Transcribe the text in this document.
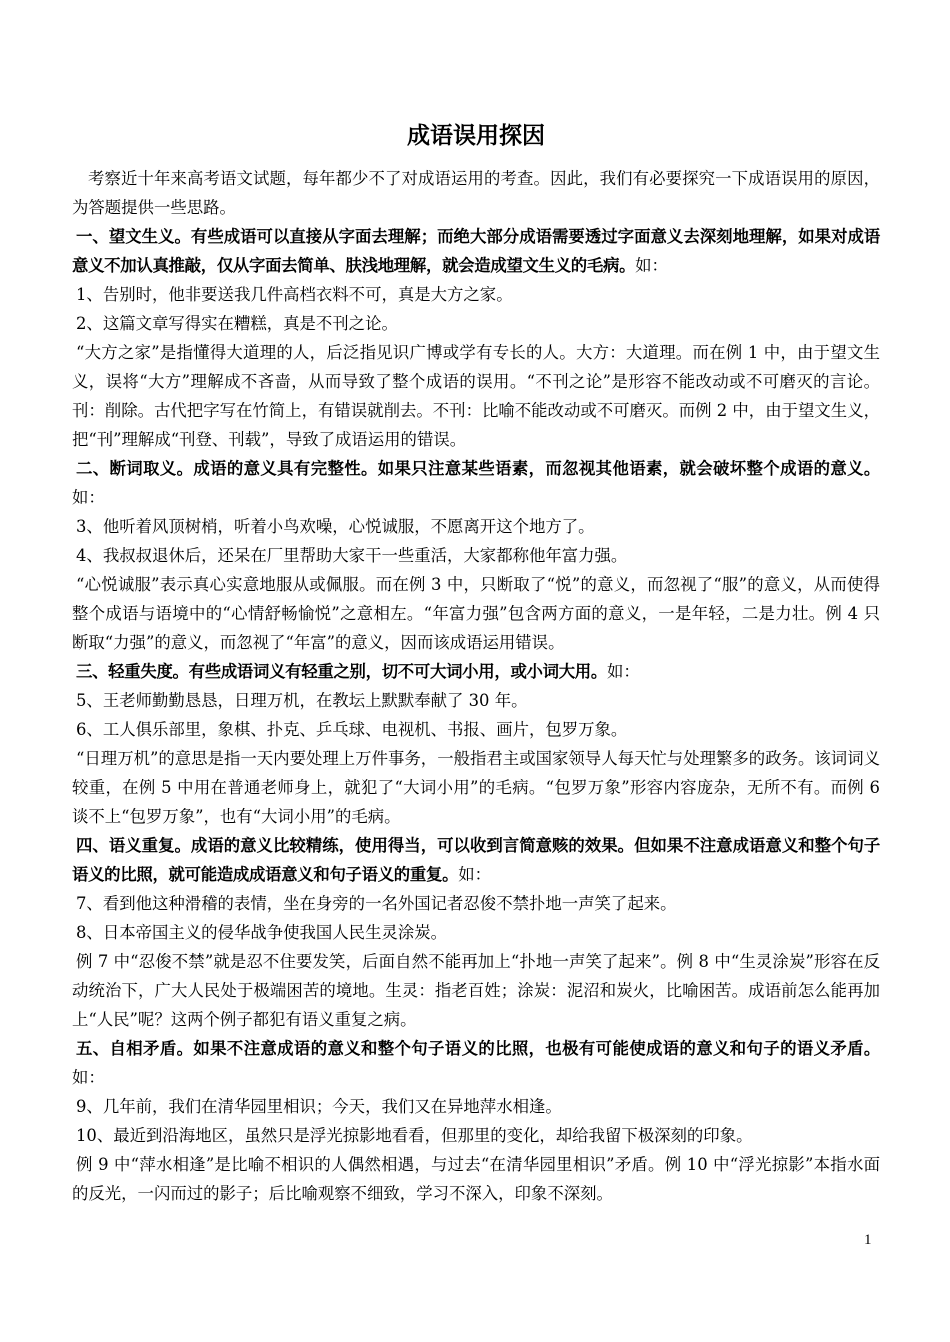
成语误用探因

考察近十年来高考语文试题，每年都少不了对成语运用的考查。因此，我们有必要探究一下成语误用的原因，为答题提供一些思路。

一、望文生义。有些成语可以直接从字面去理解；而绝大部分成语需要透过字面意义去深刻地理解，如果对成语意义不加认真推敲，仅从字面去简单、肤浅地理解，就会造成望文生义的毛病。如：

1、告别时，他非要送我几件高档衣料不可，真是大方之家。

2、这篇文章写得实在糟糕，真是不刊之论。

“大方之家”是指懂得大道理的人，后泛指见识广博或学有专长的人。大方：大道理。而在例 1 中，由于望文生义，误将“大方”理解成不吝啬，从而导致了整个成语的误用。“不刊之论”是形容不能改动或不可磨灭的言论。刊：削除。古代把字写在竹简上，有错误就削去。不刊：比喻不能改动或不可磨灭。而例 2 中，由于望文生义，把“刊”理解成“刊登、刊载”，导致了成语运用的错误。

二、断词取义。成语的意义具有完整性。如果只注意某些语素，而忽视其他语素，就会破坏整个成语的意义。如：

3、他听着风顶树梢，听着小鸟欢噪，心悦诚服，不愿离开这个地方了。

4、我叔叔退休后，还呆在厂里帮助大家干一些重活，大家都称他年富力强。

“心悦诚服”表示真心实意地服从或佩服。而在例 3 中，只断取了“悦”的意义，而忽视了“服”的意义，从而使得整个成语与语境中的“心情舒畅愉悦”之意相左。“年富力强”包含两方面的意义，一是年轻，二是力壮。例 4 只断取“力强”的意义，而忽视了“年富”的意义，因而该成语运用错误。

三、轻重失度。有些成语词义有轻重之别，切不可大词小用，或小词大用。如：

5、王老师勤勤恳恳，日理万机，在教坛上默默奉献了 30 年。

6、工人俱乐部里，象棋、扑克、乒乓球、电视机、书报、画片，包罗万象。

“日理万机”的意思是指一天内要处理上万件事务，一般指君主或国家领导人每天忙与处理繁多的政务。该词词义较重，在例 5 中用在普通老师身上，就犯了“大词小用”的毛病。“包罗万象”形容内容庞杂，无所不有。而例 6 谈不上“包罗万象”，也有“大词小用”的毛病。

四、语义重复。成语的意义比较精练，使用得当，可以收到言简意赅的效果。但如果不注意成语意义和整个句子语义的比照，就可能造成成语意义和句子语义的重复。如：

7、看到他这种滑稽的表情，坐在身旁的一名外国记者忍俊不禁扑地一声笑了起来。

8、日本帝国主义的侵华战争使我国人民生灵涂炭。

例 7 中“忍俊不禁”就是忍不住要发笑，后面自然不能再加上“扑地一声笑了起来”。例 8 中“生灵涂炭”形容在反动统治下，广大人民处于极端困苦的境地。生灵：指老百姓；涂炭：泥沼和炭火，比喻困苦。成语前怎么能再加上“人民”呢？这两个例子都犯有语义重复之病。

五、自相矛盾。如果不注意成语的意义和整个句子语义的比照，也极有可能使成语的意义和句子的语义矛盾。如：

9、几年前，我们在清华园里相识；今天，我们又在异地萍水相逢。

10、最近到沿海地区，虽然只是浮光掠影地看看，但那里的变化，却给我留下极深刻的印象。

例 9 中“萍水相逢”是比喻不相识的人偶然相遇，与过去“在清华园里相识”矛盾。例 10 中“浮光掠影”本指水面的反光，一闪而过的影子；后比喻观察不细致，学习不深入，印象不深刻。

1
